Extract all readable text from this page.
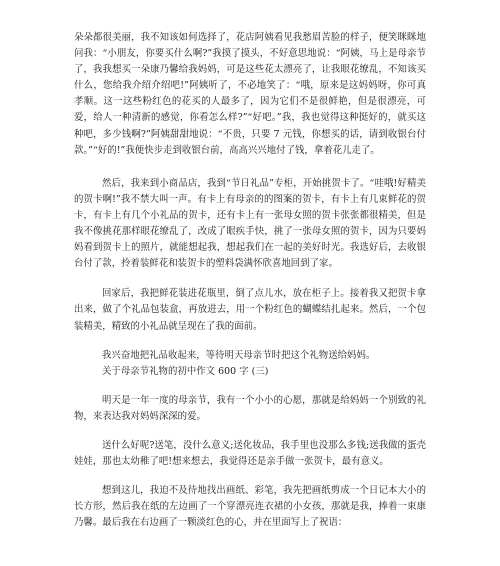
朵朵都很美丽，我不知该如何选择了，花店阿姨看见我愁眉苦脸的样子，便笑眯眯地问我：“小朋友，你要买什么啊?”我摸了摸头，不好意思地说：“阿姨，马上是母亲节了，我我想买一朵康乃馨给我妈妈，可是这些花太漂亮了，让我眼花缭乱，不知该买什么，您给我介绍介绍吧!”阿姨听了，不必地笑了：“哦，原来是这妈妈呀，你可真孝顺。这一这些粉红色的花买的人最多了，因为它们不是很鲜艳，但是很漂亮，可爱，给人一种清新的感觉，你看怎么样?”“好吧。”我，我也觉得这种挺好的，就买这种吧，多少钱啊?”阿姨甜甜地说：“不贵，只要 7 元钱，你想买的话，请到收银台付款。”“好的!”我便快步走到收银台前，高高兴兴地付了钱，拿着花儿走了。

然后，我来到小商品店，我到“节日礼品”专柜，开始挑贺卡了。“哇哦!好精美的贺卡啊!”我不禁大叫一声。有卡上有母亲的的图案的贺卡，有卡上有几束鲜花的贺卡，有卡上有几个小礼品的贺卡，还有卡上有一张母女照的贺卡张张都很精美，但是我不像挑花那样眼花缭乱了，改成了眼疾手快，挑了一张母女照的贺卡，因为只要妈妈看到贺卡上的照片，就能想起我，想起我们在一起的美好时光。我选好后，去收银台付了款，拎着装鲜花和装贺卡的塑料袋满怀欣喜地回到了家。

回家后，我把鲜花装进花瓶里，倒了点儿水，放在柜子上。接着我又把贺卡拿出来，做了个礼品包装盒，再放进去，用一个粉红色的蝴蝶结扎起来。然后，一个包装精美，精致的小礼品就呈现在了我的面前。

我兴奋地把礼品收起来，等待明天母亲节时把这个礼物送给妈妈。

关于母亲节礼物的初中作文 600 字 (三)

明天是一年一度的母亲节，我有一个小小的心愿，那就是给妈妈一个别致的礼物，来表达我对妈妈深深的爱。

送什么好呢?送笔，没什么意义;送化妆品，我手里也没那么多钱;送我做的蛋壳娃娃，那也太幼稚了吧!想来想去，我觉得还是亲手做一张贺卡，最有意义。

想到这儿，我迫不及待地找出画纸、彩笔，我先把画纸剪成一个日记本大小的长方形，然后我在纸的左边画了一个穿漂亮连衣裙的小女孩，那就是我，捧着一束康乃馨。最后我在右边画了一颗淡红色的心，并在里面写上了祝语：
